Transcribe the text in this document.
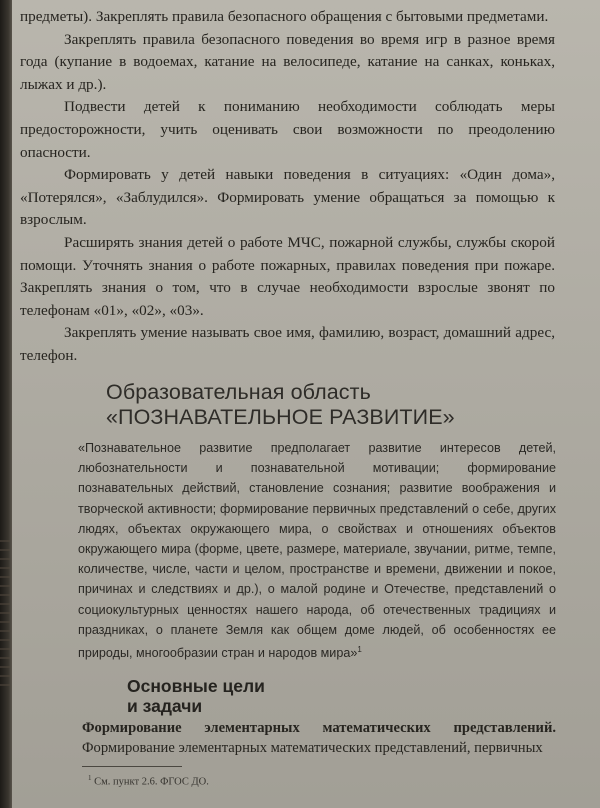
предметы). Закреплять правила безопасного обращения с бытовыми предметами.

Закреплять правила безопасного поведения во время игр в разное время года (купание в водоемах, катание на велосипеде, катание на санках, коньках, лыжах и др.).

Подвести детей к пониманию необходимости соблюдать меры предосторожности, учить оценивать свои возможности по преодолению опасности.

Формировать у детей навыки поведения в ситуациях: «Один дома», «Потерялся», «Заблудился». Формировать умение обращаться за помощью к взрослым.

Расширять знания детей о работе МЧС, пожарной службы, службы скорой помощи. Уточнять знания о работе пожарных, правилах поведения при пожаре. Закреплять знания о том, что в случае необходимости взрослые звонят по телефонам «01», «02», «03».

Закреплять умение называть свое имя, фамилию, возраст, домашний адрес, телефон.

Образовательная область
«ПОЗНАВАТЕЛЬНОЕ РАЗВИТИЕ»
«Познавательное развитие предполагает развитие интересов детей, любознательности и познавательной мотивации; формирование познавательных действий, становление сознания; развитие воображения и творческой активности; формирование первичных представлений о себе, других людях, объектах окружающего мира, о свойствах и отношениях объектов окружающего мира (форме, цвете, размере, материале, звучании, ритме, темпе, количестве, числе, части и целом, пространстве и времени, движении и покое, причинах и следствиях и др.), о малой родине и Отечестве, представлений о социокультурных ценностях нашего народа, об отечественных традициях и праздниках, о планете Земля как общем доме людей, об особенностях ее природы, многообразии стран и народов мира»$^1$
Основные цели
и задачи
Формирование элементарных математических представлений. Формирование элементарных математических представлений, первичных
$^1$ См. пункт 2.6. ФГОС ДО.
